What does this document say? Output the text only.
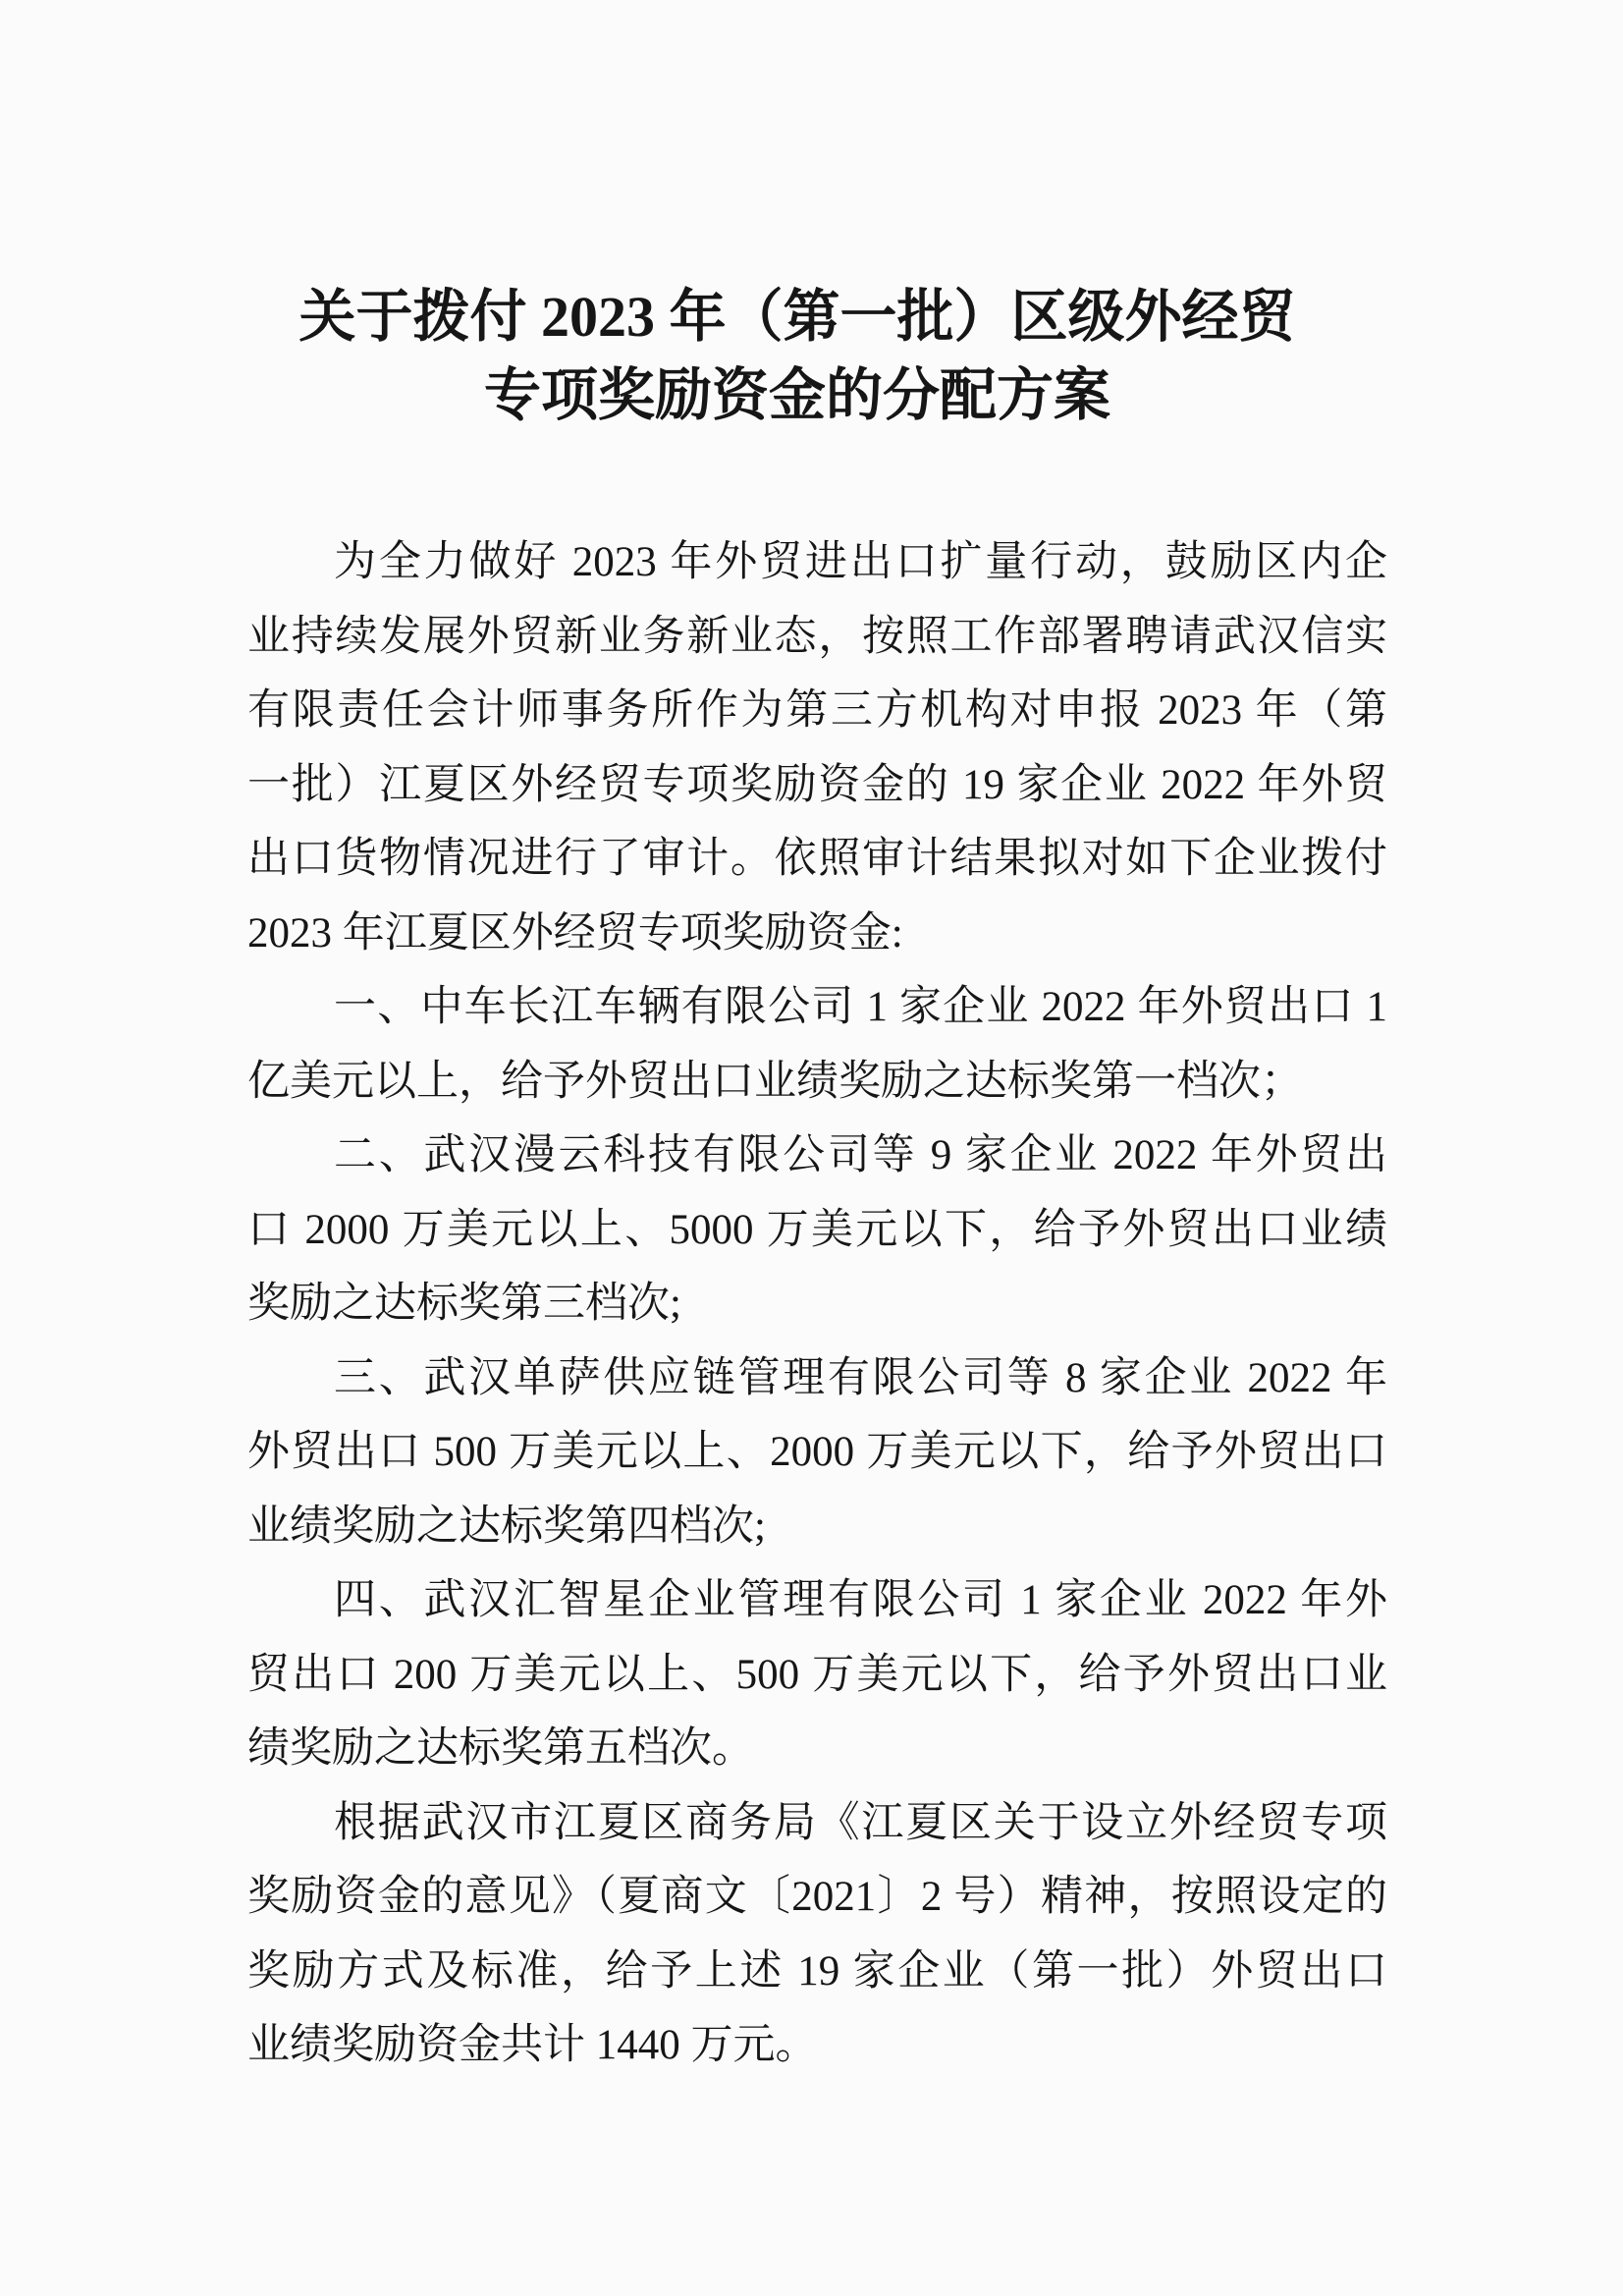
关于拨付 2023 年（第一批）区级外经贸
专项奖励资金的分配方案
为全力做好 2023 年外贸进出口扩量行动，鼓励区内企
业持续发展外贸新业务新业态，按照工作部署聘请武汉信实
有限责任会计师事务所作为第三方机构对申报 2023 年（第
一批）江夏区外经贸专项奖励资金的 19 家企业 2022 年外贸
出口货物情况进行了审计。依照审计结果拟对如下企业拨付
2023 年江夏区外经贸专项奖励资金:
一、中车长江车辆有限公司 1 家企业 2022 年外贸出口 1
亿美元以上，给予外贸出口业绩奖励之达标奖第一档次；
二、武汉漫云科技有限公司等 9 家企业 2022 年外贸出
口 2000 万美元以上、5000 万美元以下，给予外贸出口业绩
奖励之达标奖第三档次;
三、武汉单萨供应链管理有限公司等 8 家企业 2022 年
外贸出口 500 万美元以上、2000 万美元以下，给予外贸出口
业绩奖励之达标奖第四档次;
四、武汉汇智星企业管理有限公司 1 家企业 2022 年外
贸出口 200 万美元以上、500 万美元以下，给予外贸出口业
绩奖励之达标奖第五档次。
根据武汉市江夏区商务局《江夏区关于设立外经贸专项
奖励资金的意见》（夏商文〔2021〕2 号）精神，按照设定的
奖励方式及标准，给予上述 19 家企业（第一批）外贸出口
业绩奖励资金共计 1440 万元。
